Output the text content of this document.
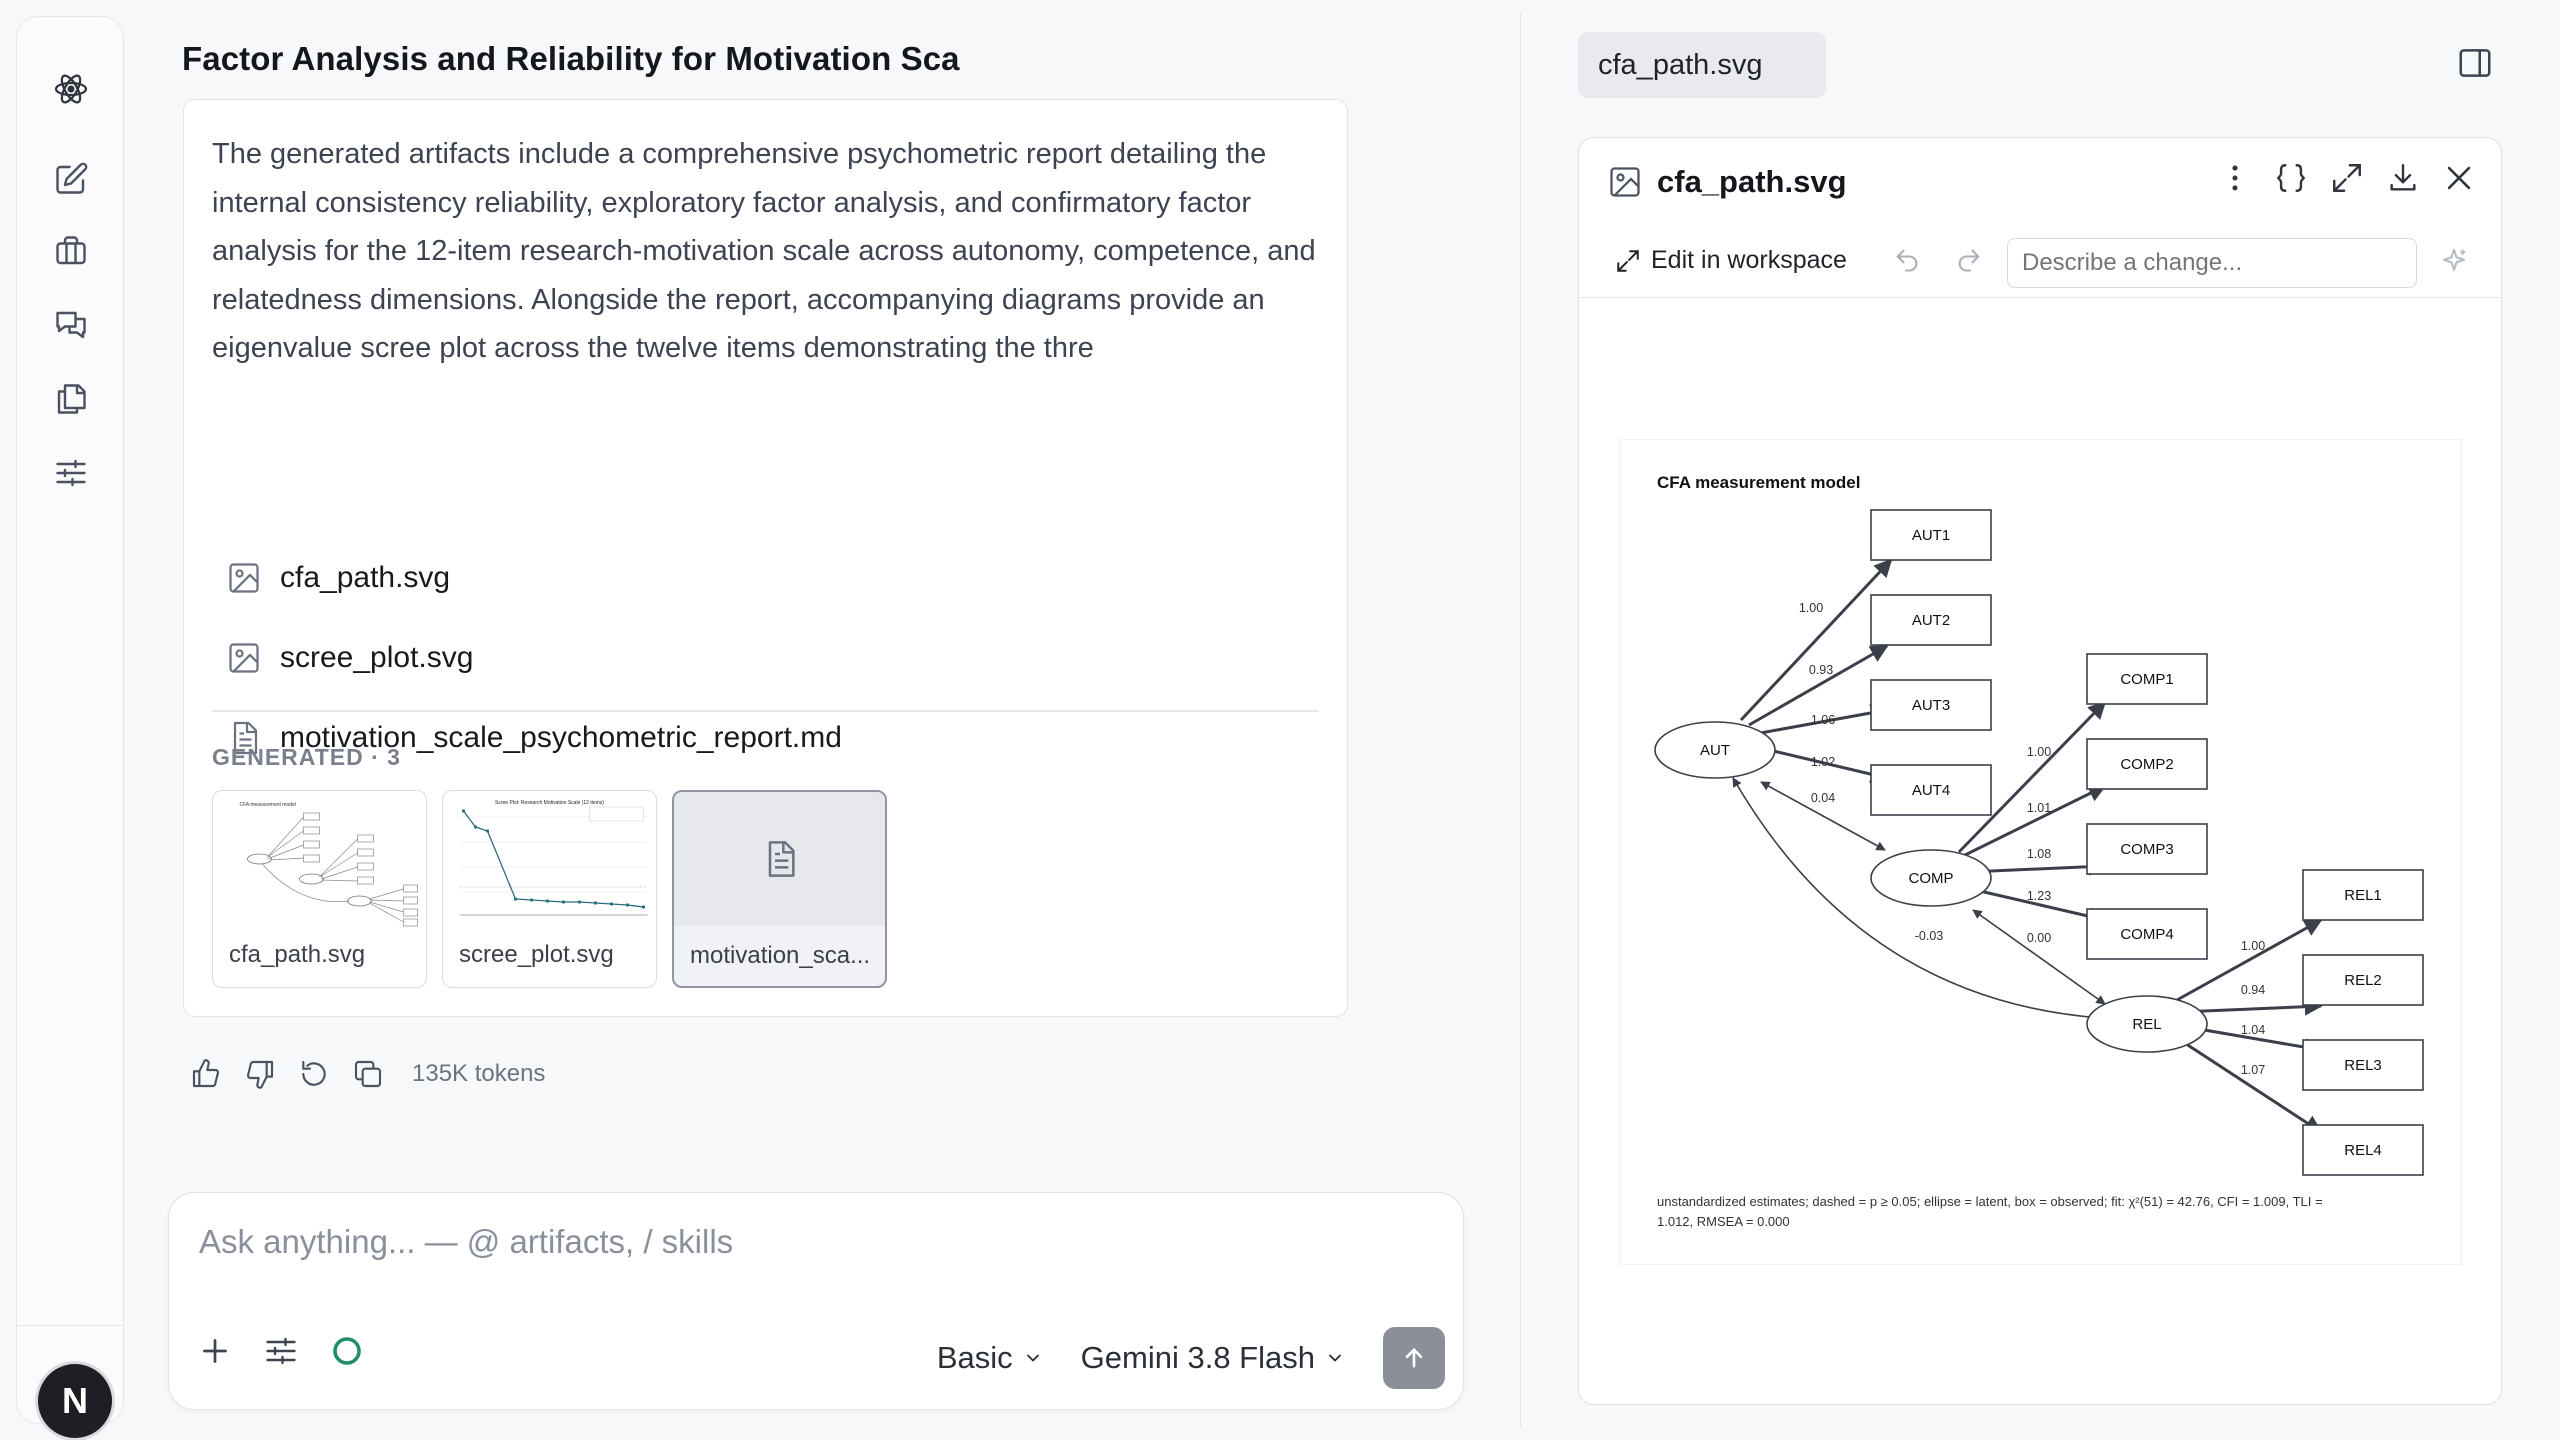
N
Factor Analysis and Reliability for Motivation Sca

The generated artifacts include a comprehensive psychometric report detailing the internal consistency reliability, exploratory factor analysis, and confirmatory factor analysis for the 12-item research-motivation scale across autonomy, competence, and relatedness dimensions. Alongside the report, accompanying diagrams provide an eigenvalue scree plot across the twelve items demonstrating the thre

cfa_path.svg
scree_plot.svg
motivation_scale_psychometric_report.md
GENERATED · 3
CFA measurement model
cfa_path.svg
Scree Plot: Research Motivation Scale (12 items)
scree_plot.svg	motivation_sca...
135K tokens
Ask anything... — @ artifacts, / skills
Basic Gemini 3.8 Flash
cfa_path.svg
cfa_path.svg
Edit in workspace
Describe a change...
CFA measurement model
1.00
0.93
1.06
1.02
0.04
1.00
1.01
1.08
1.23
0.00
-0.03
1.00
0.94
1.04
1.07
AUT
COMP
REL
AUT1
AUT2
AUT3
AUT4
COMP1
COMP2
COMP3
COMP4
REL1
REL2
REL3
REL4
unstandardized estimates; dashed = p ≥ 0.05; ellipse = latent, box = observed; fit: χ²(51) = 42.76, CFI = 1.009, TLI =
1.012, RMSEA = 0.000
